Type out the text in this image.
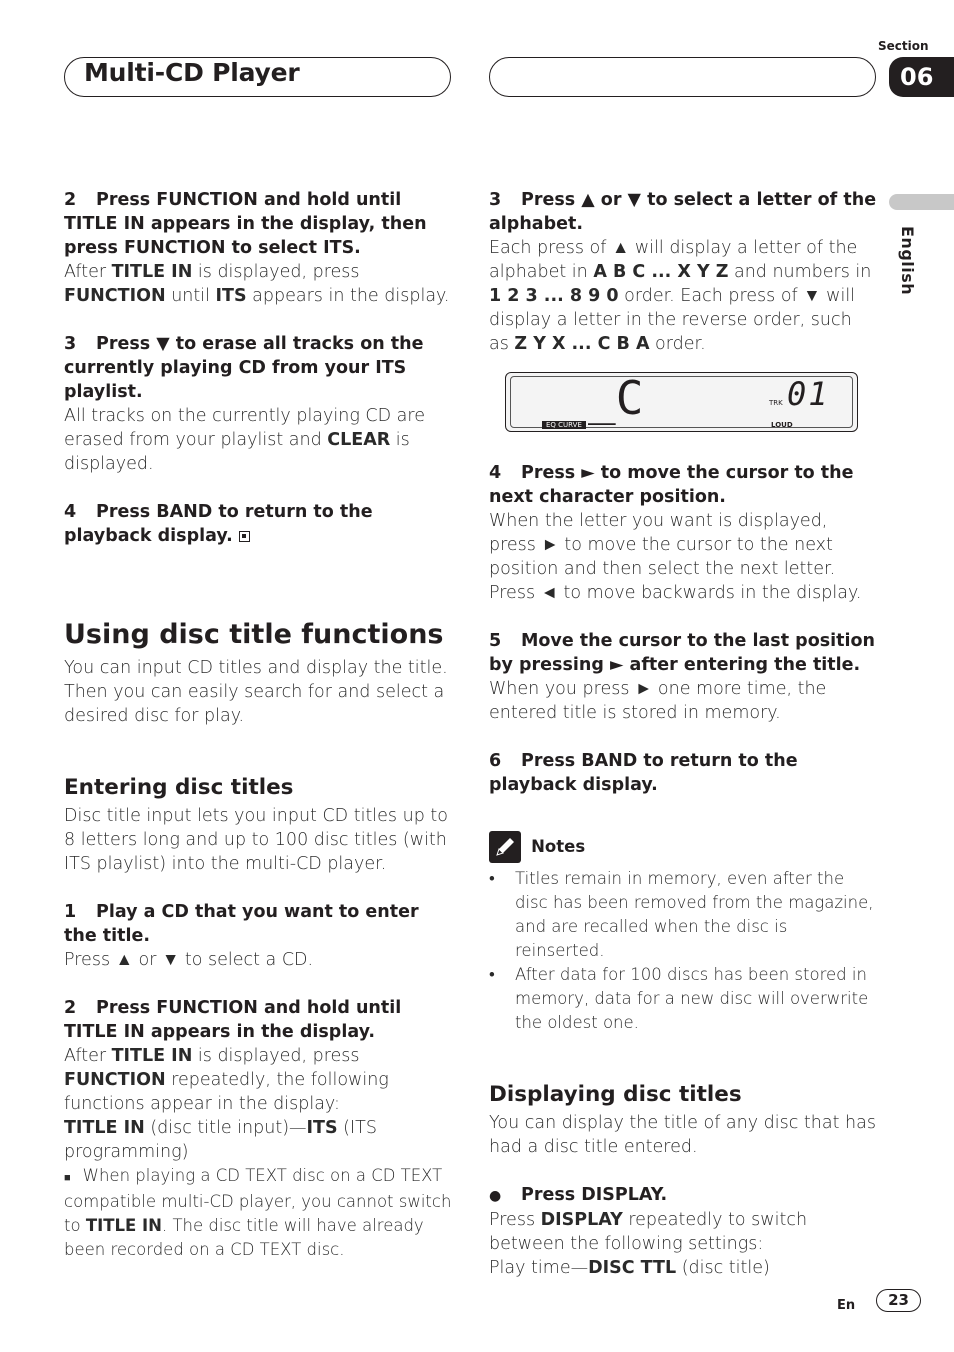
Multi-CD Player
Section
06
English

2 Press FUNCTION and hold until TITLE IN appears in the display, then press FUNCTION to select ITS.

After TITLE IN is displayed, press FUNCTION until ITS appears in the display.

3 Press ▼ to erase all tracks on the currently playing CD from your ITS playlist.

All tracks on the currently playing CD are erased from your playlist and CLEAR is displayed.

4 Press BAND to return to the playback display.

Using disc title functions

You can input CD titles and display the title. Then you can easily search for and select a desired disc for play.

Entering disc titles

Disc title input lets you input CD titles up to 8 letters long and up to 100 disc titles (with ITS playlist) into the multi-CD player.

1 Play a CD that you want to enter the title.

Press ▲ or ▼ to select a CD.

2 Press FUNCTION and hold until TITLE IN appears in the display.

After TITLE IN is displayed, press FUNCTION repeatedly, the following functions appear in the display:

TITLE IN (disc title input)—ITS (ITS programming)

■ When playing a CD TEXT disc on a CD TEXT compatible multi-CD player, you cannot switch to TITLE IN. The disc title will have already been recorded on a CD TEXT disc.

3 Press ▲ or ▼ to select a letter of the alphabet.

Each press of ▲ will display a letter of the alphabet in A B C ... X Y Z and numbers in 1 2 3 ... 8 9 0 order. Each press of ▼ will display a letter in the reverse order, such as Z Y X ... C B A order.

_C	TRK 01
EQ CURVE	LOUD

4 Press ► to move the cursor to the next character position.

When the letter you want is displayed, press ► to move the cursor to the next position and then select the next letter. Press ◄ to move backwards in the display.

5 Move the cursor to the last position by pressing ► after entering the title.

When you press ► one more time, the entered title is stored in memory.

6 Press BAND to return to the playback display.

Notes

• Titles remain in memory, even after the disc has been removed from the magazine, and are recalled when the disc is reinserted.

• After data for 100 discs has been stored in memory, data for a new disc will overwrite the oldest one.

Displaying disc titles

You can display the title of any disc that has had a disc title entered.

● Press DISPLAY.

Press DISPLAY repeatedly to switch between the following settings:

Play time—DISC TTL (disc title)

En	23
